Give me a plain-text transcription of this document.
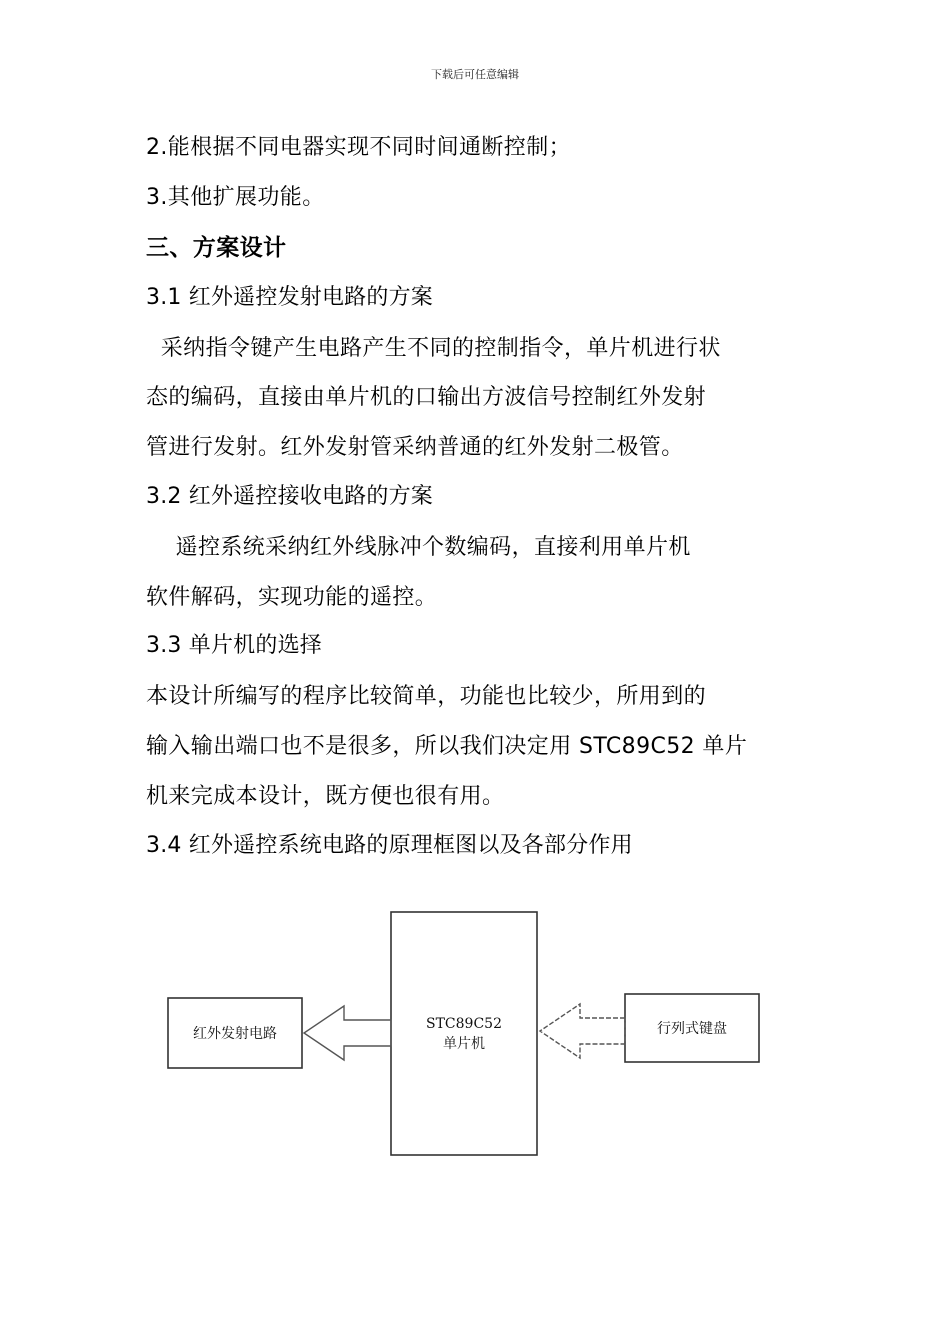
下载后可任意编辑
2.能根据不同电器实现不同时间通断控制；
3.其他扩展功能。
三、方案设计
3.1 红外遥控发射电路的方案
采纳指令键产生电路产生不同的控制指令，单片机进行状
态的编码，直接由单片机的口输出方波信号控制红外发射
管进行发射。红外发射管采纳普通的红外发射二极管。
3.2 红外遥控接收电路的方案
遥控系统采纳红外线脉冲个数编码，直接利用单片机
软件解码，实现功能的遥控。
3.3 单片机的选择
本设计所编写的程序比较简单，功能也比较少，所用到的
输入输出端口也不是很多，所以我们决定用 STC89C52 单片
机来完成本设计，既方便也很有用。
3.4 红外遥控系统电路的原理框图以及各部分作用
红外发射电路
STC89C52
单片机
行列式键盘
